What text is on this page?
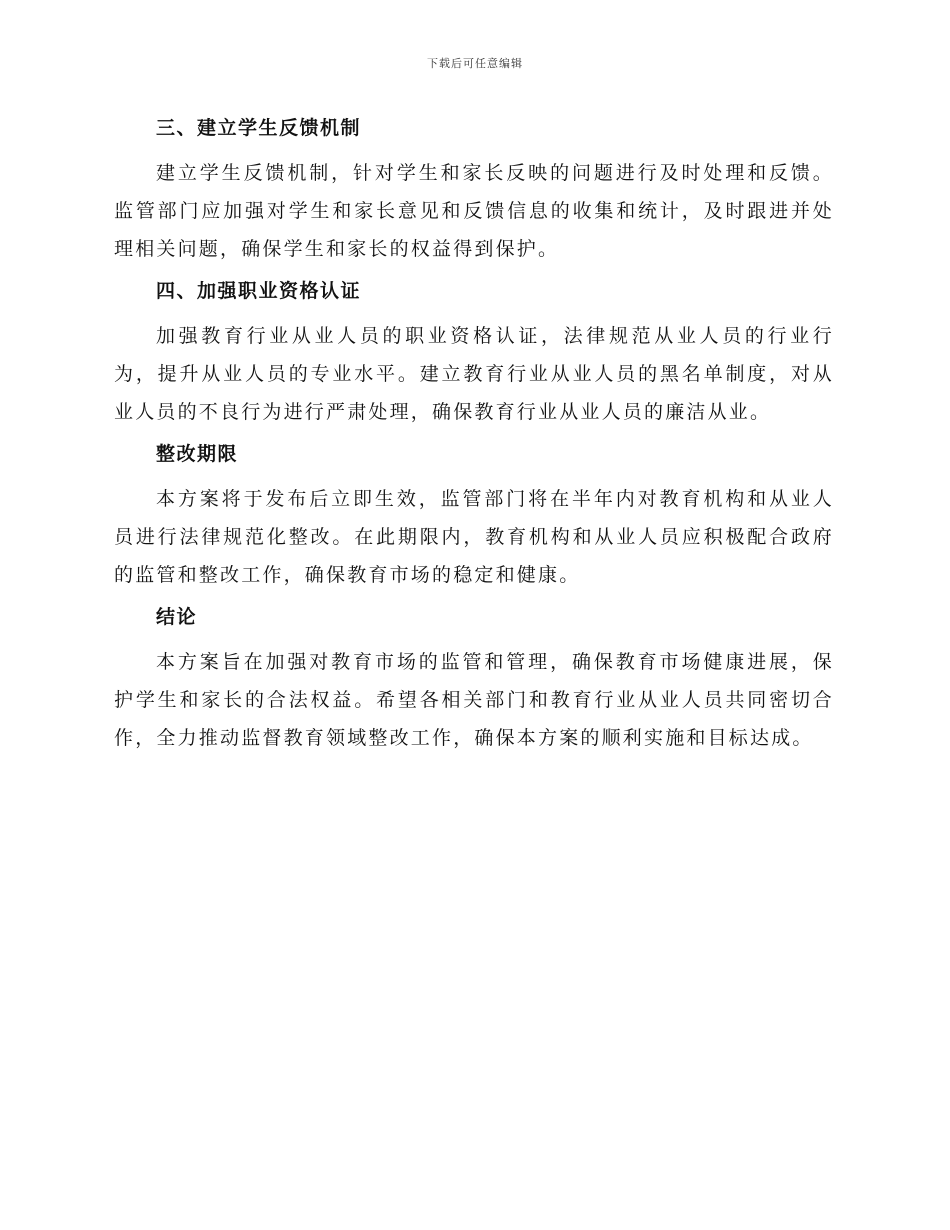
下载后可任意编辑
三、建立学生反馈机制

建立学生反馈机制，针对学生和家长反映的问题进行及时处理和反馈。监管部门应加强对学生和家长意见和反馈信息的收集和统计，及时跟进并处理相关问题，确保学生和家长的权益得到保护。

四、加强职业资格认证

加强教育行业从业人员的职业资格认证，法律规范从业人员的行业行为，提升从业人员的专业水平。建立教育行业从业人员的黑名单制度，对从业人员的不良行为进行严肃处理，确保教育行业从业人员的廉洁从业。

整改期限

本方案将于发布后立即生效，监管部门将在半年内对教育机构和从业人员进行法律规范化整改。在此期限内，教育机构和从业人员应积极配合政府的监管和整改工作，确保教育市场的稳定和健康。

结论

本方案旨在加强对教育市场的监管和管理，确保教育市场健康进展，保护学生和家长的合法权益。希望各相关部门和教育行业从业人员共同密切合作，全力推动监督教育领域整改工作，确保本方案的顺利实施和目标达成。
